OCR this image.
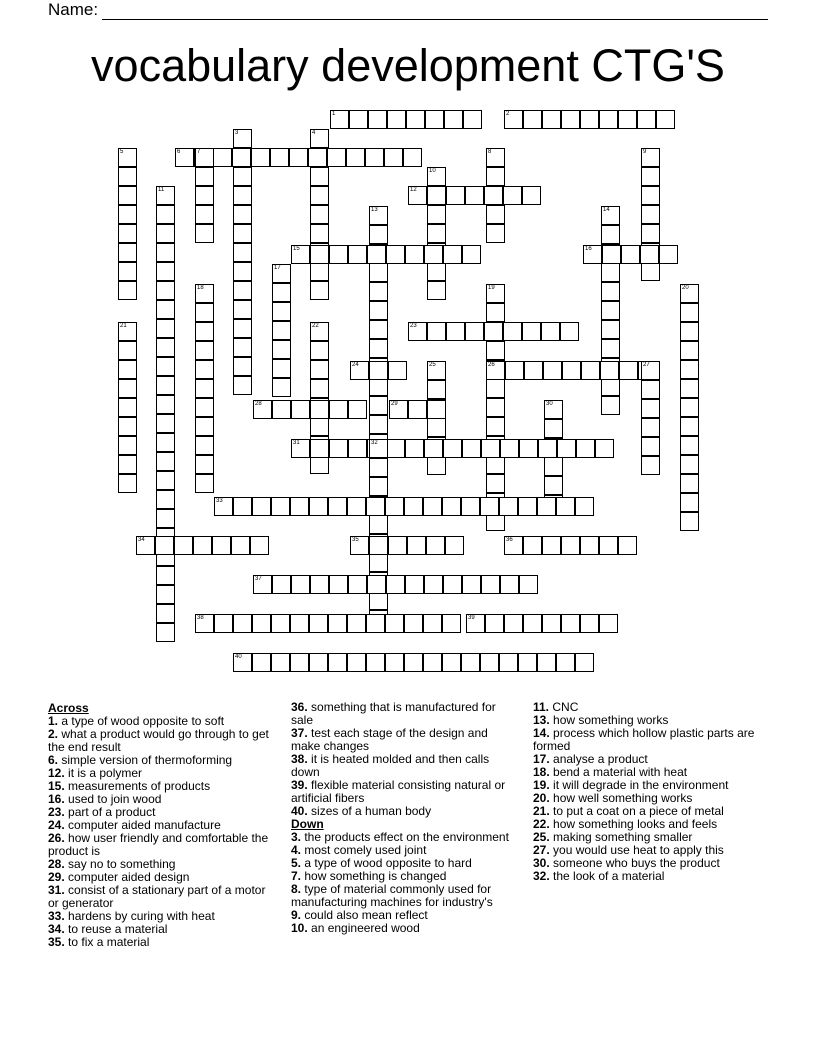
Name:
vocabulary development CTG'S
1	2
3	4
5	6	7	8	9
10
11	12
13	14
15	16
17
18	19	20
21	22	23
24	25	26	27
28	29	30
31	32
33
34	35	36
37
38	39
40
Across
1. a type of wood opposite to soft
2. what a product would go through to get the end result
6. simple version of thermoforming
12. it is a polymer
15. measurements of products
16. used to join wood
23. part of a product
24. computer aided manufacture
26. how user friendly and comfortable the product is
28. say no to something
29. computer aided design
31. consist of a stationary part of a motor or generator
33. hardens by curing with heat
34. to reuse a material
35. to fix a material
36. something that is manufactured for sale
37. test each stage of the design and make changes
38. it is heated molded and then calls down
39. flexible material consisting natural or artificial fibers
40. sizes of a human body
Down
3. the products effect on the environment
4. most comely used joint
5. a type of wood opposite to hard
7. how something is changed
8. type of material commonly used for manufacturing machines for industry's
9. could also mean reflect
10. an engineered wood
11. CNC
13. how something works
14. process which hollow plastic parts are formed
17. analyse a product
18. bend a material with heat
19. it will degrade in the environment
20. how well something works
21. to put a coat on a piece of metal
22. how something looks and feels
25. making something smaller
27. you would use heat to apply this
30. someone who buys the product
32. the look of a material
